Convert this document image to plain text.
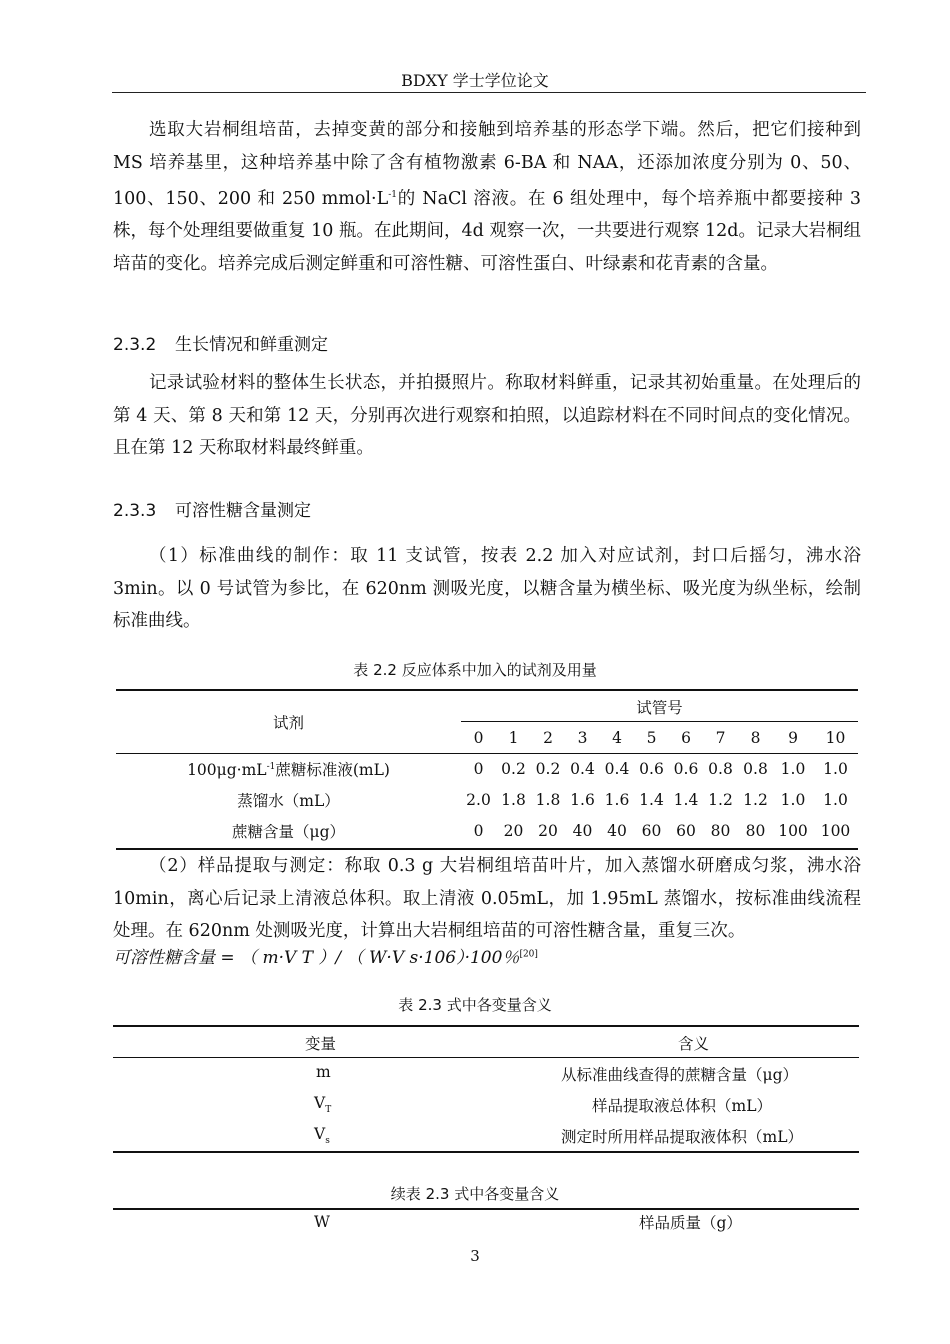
BDXY 学士学位论文
选取大岩桐组培苗，去掉变黄的部分和接触到培养基的形态学下端。然后，把它们接种到 MS 培养基里，这种培养基中除了含有植物激素 6-BA 和 NAA，还添加浓度分别为 0、50、100、150、200 和 250 $mmol\cdot L^{-1}$的 NaCl 溶液。在 6 组处理中，每个培养瓶中都要接种 3 株，每个处理组要做重复 10 瓶。在此期间，4d 观察一次，一共要进行观察 12d。记录大岩桐组培苗的变化。培养完成后测定鲜重和可溶性糖、可溶性蛋白、叶绿素和花青素的含量。
2.3.2 生长情况和鲜重测定
记录试验材料的整体生长状态，并拍摄照片。称取材料鲜重，记录其初始重量。在处理后的第 4 天、第 8 天和第 12 天，分别再次进行观察和拍照，以追踪材料在不同时间点的变化情况。且在第 12 天称取材料最终鲜重。
2.3.3 可溶性糖含量测定
（1）标准曲线的制作：取 11 支试管，按表 2.2 加入对应试剂，封口后摇匀，沸水浴 3min。以 0 号试管为参比，在 620nm 测吸光度，以糖含量为横坐标、吸光度为纵坐标，绘制标准曲线。
表 2.2 反应体系中加入的试剂及用量
试剂	试管号										
	0	1	2	3	4	5	6	7	8	9	10
$100\mu g\cdot mL^{-1}$蔗糖标准液(mL)	0	0.2	0.2	0.4	0.4	0.6	0.6	0.8	0.8	1.0	1.0
蒸馏水（mL）	2.0	1.8	1.8	1.6	1.6	1.4	1.4	1.2	1.2	1.0	1.0
蔗糖含量（μg）	0	20	20	40	40	60	60	80	80	100	100
（2）样品提取与测定：称取 0.3 g 大岩桐组培苗叶片，加入蒸馏水研磨成匀浆，沸水浴 10min，离心后记录上清液总体积。取上清液 0.05mL，加 1.95mL 蒸馏水，按标准曲线流程处理。在 620nm 处测吸光度，计算出大岩桐组培苗的可溶性糖含量，重复三次。
可溶性糖含量 = （ m·V T ）/ （ W·V s·106）·100％[20]
表 2.3 式中各变量含义
变量	含义
m	从标准曲线查得的蔗糖含量（μg）
$V_T$	样品提取液总体积（mL）
$V_s$	测定时所用样品提取液体积（mL）
续表 2.3 式中各变量含义
W	样品质量（g）
3
